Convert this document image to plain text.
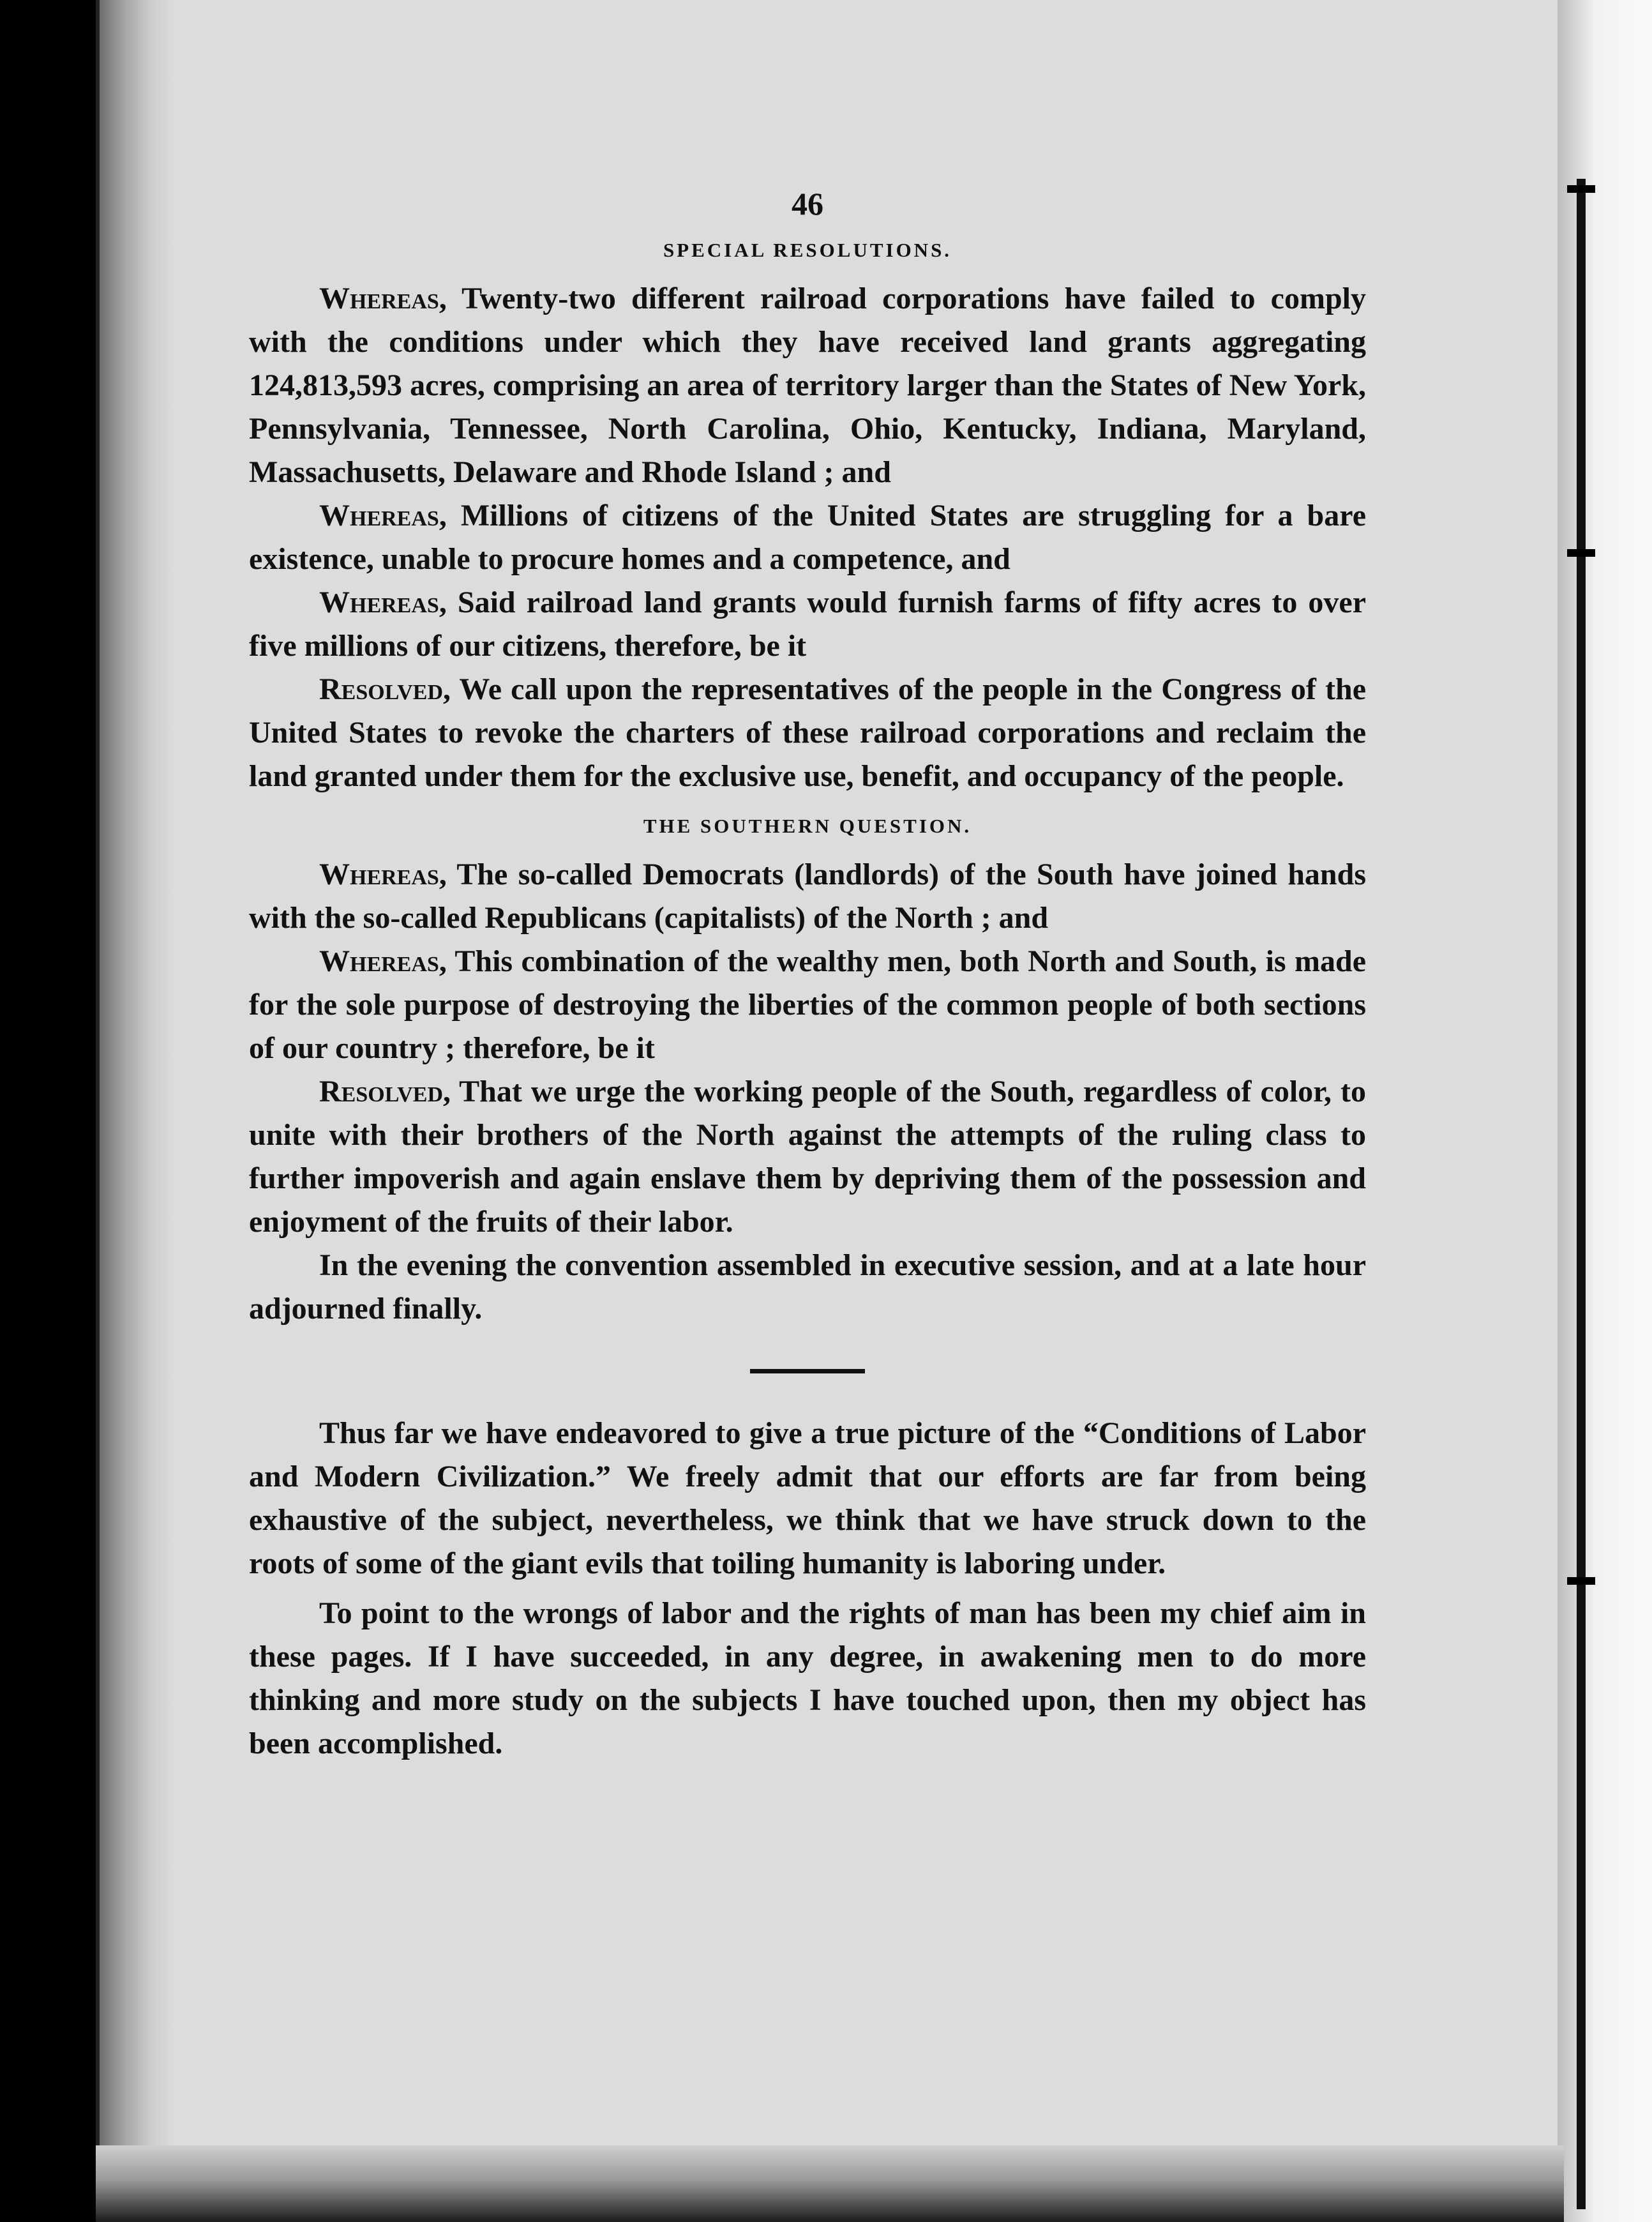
46
SPECIAL RESOLUTIONS.

Whereas, Twenty-two different railroad corporations have failed to comply with the conditions under which they have received land grants aggregating 124,813,593 acres, comprising an area of territory larger than the States of New York, Pennsylvania, Tennessee, North Carolina, Ohio, Kentucky, Indiana, Maryland, Massachusetts, Delaware and Rhode Island ; and

Whereas, Millions of citizens of the United States are struggling for a bare existence, unable to procure homes and a competence, and

Whereas, Said railroad land grants would furnish farms of fifty acres to over five millions of our citizens, therefore, be it

Resolved, We call upon the representatives of the people in the Congress of the United States to revoke the charters of these railroad corporations and reclaim the land granted under them for the exclusive use, benefit, and occupancy of the people.

THE SOUTHERN QUESTION.

Whereas, The so-called Democrats (landlords) of the South have joined hands with the so-called Republicans (capitalists) of the North ; and

Whereas, This combination of the wealthy men, both North and South, is made for the sole purpose of destroying the liberties of the common people of both sections of our country ; therefore, be it

Resolved, That we urge the working people of the South, regardless of color, to unite with their brothers of the North against the attempts of the ruling class to further impoverish and again enslave them by depriving them of the possession and enjoyment of the fruits of their labor.

In the evening the convention assembled in executive session, and at a late hour adjourned finally.

Thus far we have endeavored to give a true picture of the “Conditions of Labor and Modern Civilization.” We freely admit that our efforts are far from being exhaustive of the subject, nevertheless, we think that we have struck down to the roots of some of the giant evils that toiling humanity is laboring under.

To point to the wrongs of labor and the rights of man has been my chief aim in these pages. If I have succeeded, in any degree, in awakening men to do more thinking and more study on the subjects I have touched upon, then my object has been accomplished.
